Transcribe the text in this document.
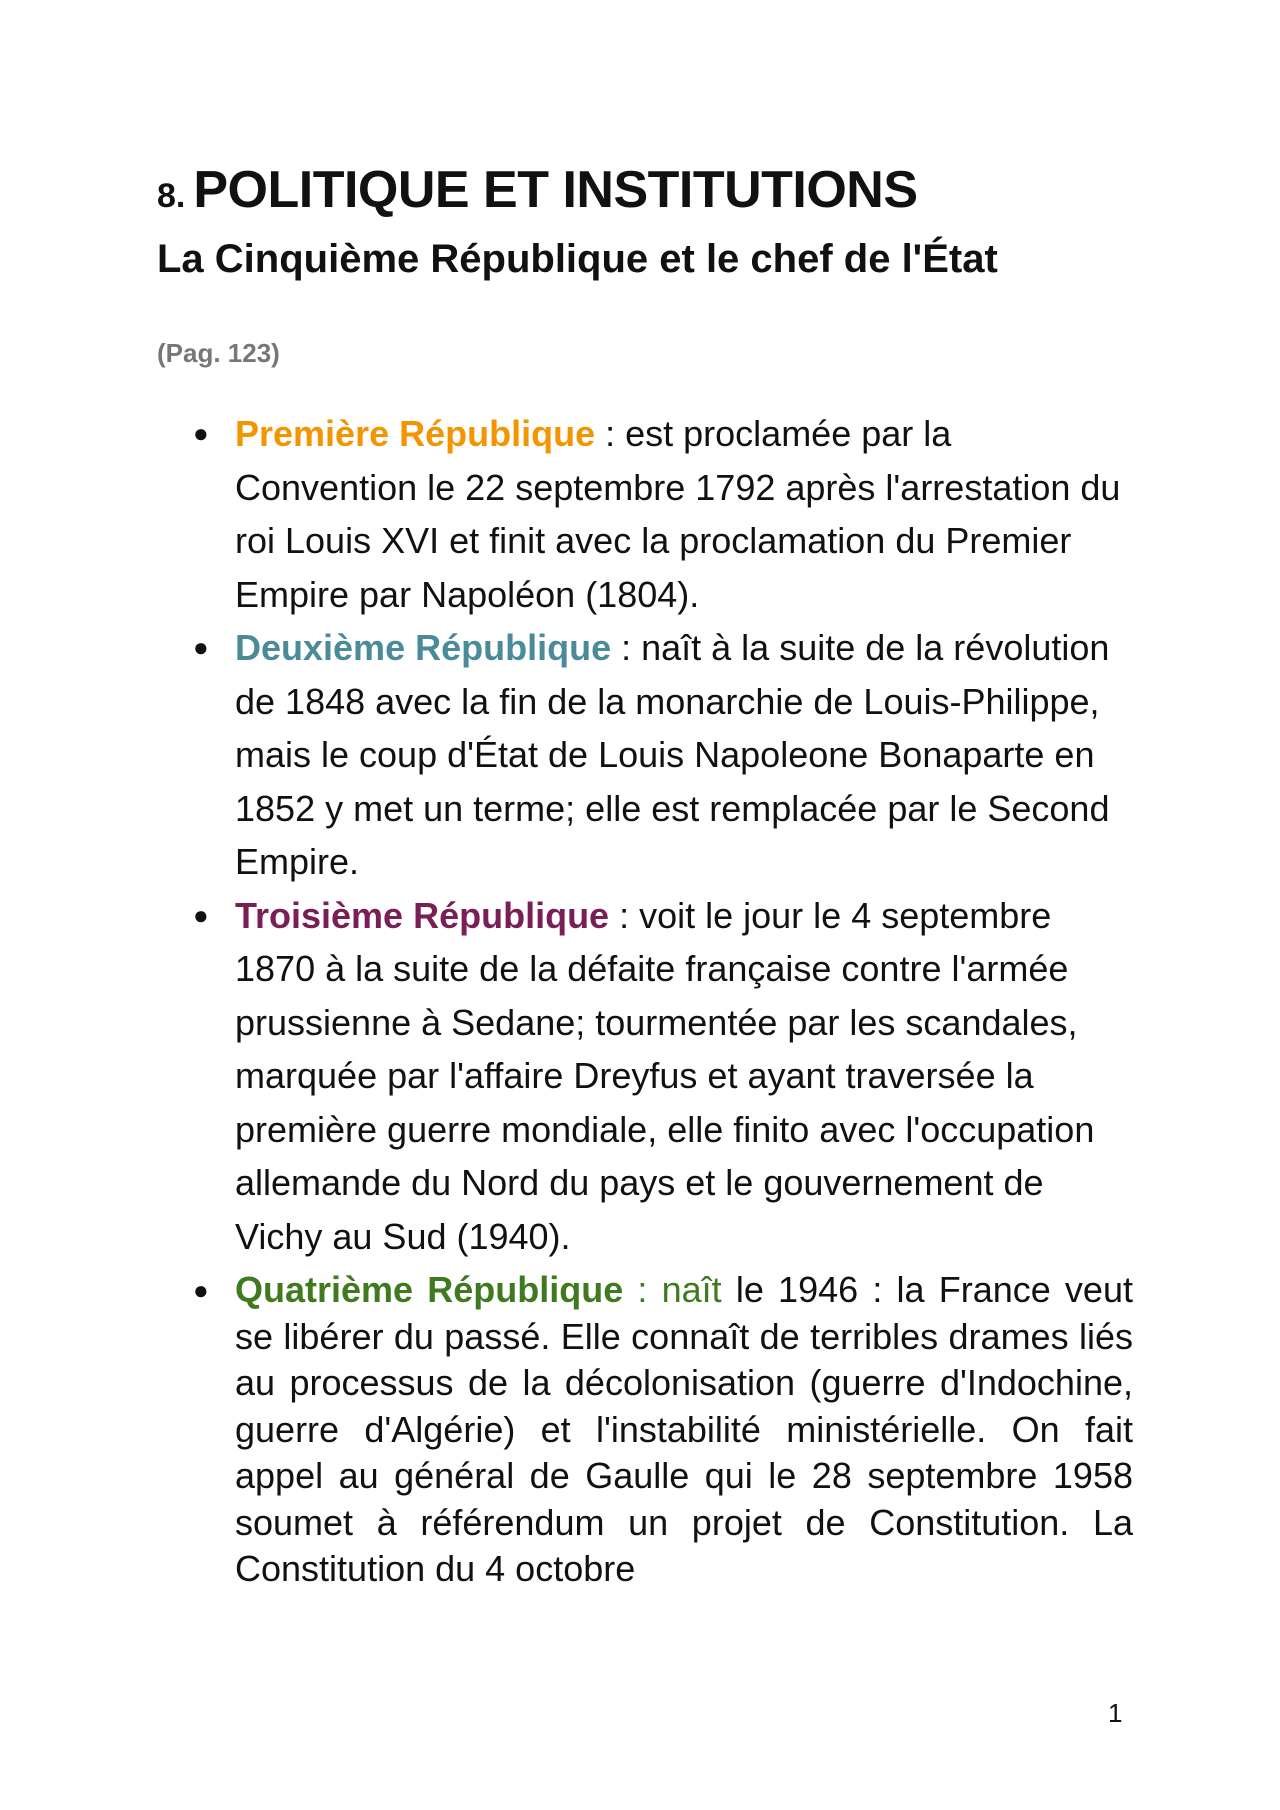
8. POLITIQUE ET INSTITUTIONS
La Cinquième République et le chef de l'État
(Pag. 123)
● Première République : est proclamée par la Convention le 22 septembre 1792 après l'arrestation du roi Louis XVI et finit avec la proclamation du Premier Empire par Napoléon (1804).
● Deuxième République : naît à la suite de la révolution de 1848 avec la fin de la monarchie de Louis-Philippe, mais le coup d'État de Louis Napoleone Bonaparte en 1852 y met un terme; elle est remplacée par le Second Empire.
● Troisième République : voit le jour le 4 septembre 1870 à la suite de la défaite française contre l'armée prussienne à Sedane; tourmentée par les scandales, marquée par l'affaire Dreyfus et ayant traversée la première guerre mondiale, elle finito avec l'occupation allemande du Nord du pays et le gouvernement de Vichy au Sud (1940).
● Quatrième République : naît le 1946 : la France veut se libérer du passé. Elle connaît de terribles drames liés au processus de la décolonisation (guerre d'Indochine, guerre d'Algérie) et l'instabilité ministérielle. On fait appel au général de Gaulle qui le 28 septembre 1958 soumet à référendum un projet de Constitution. La Constitution du 4 octobre
1
